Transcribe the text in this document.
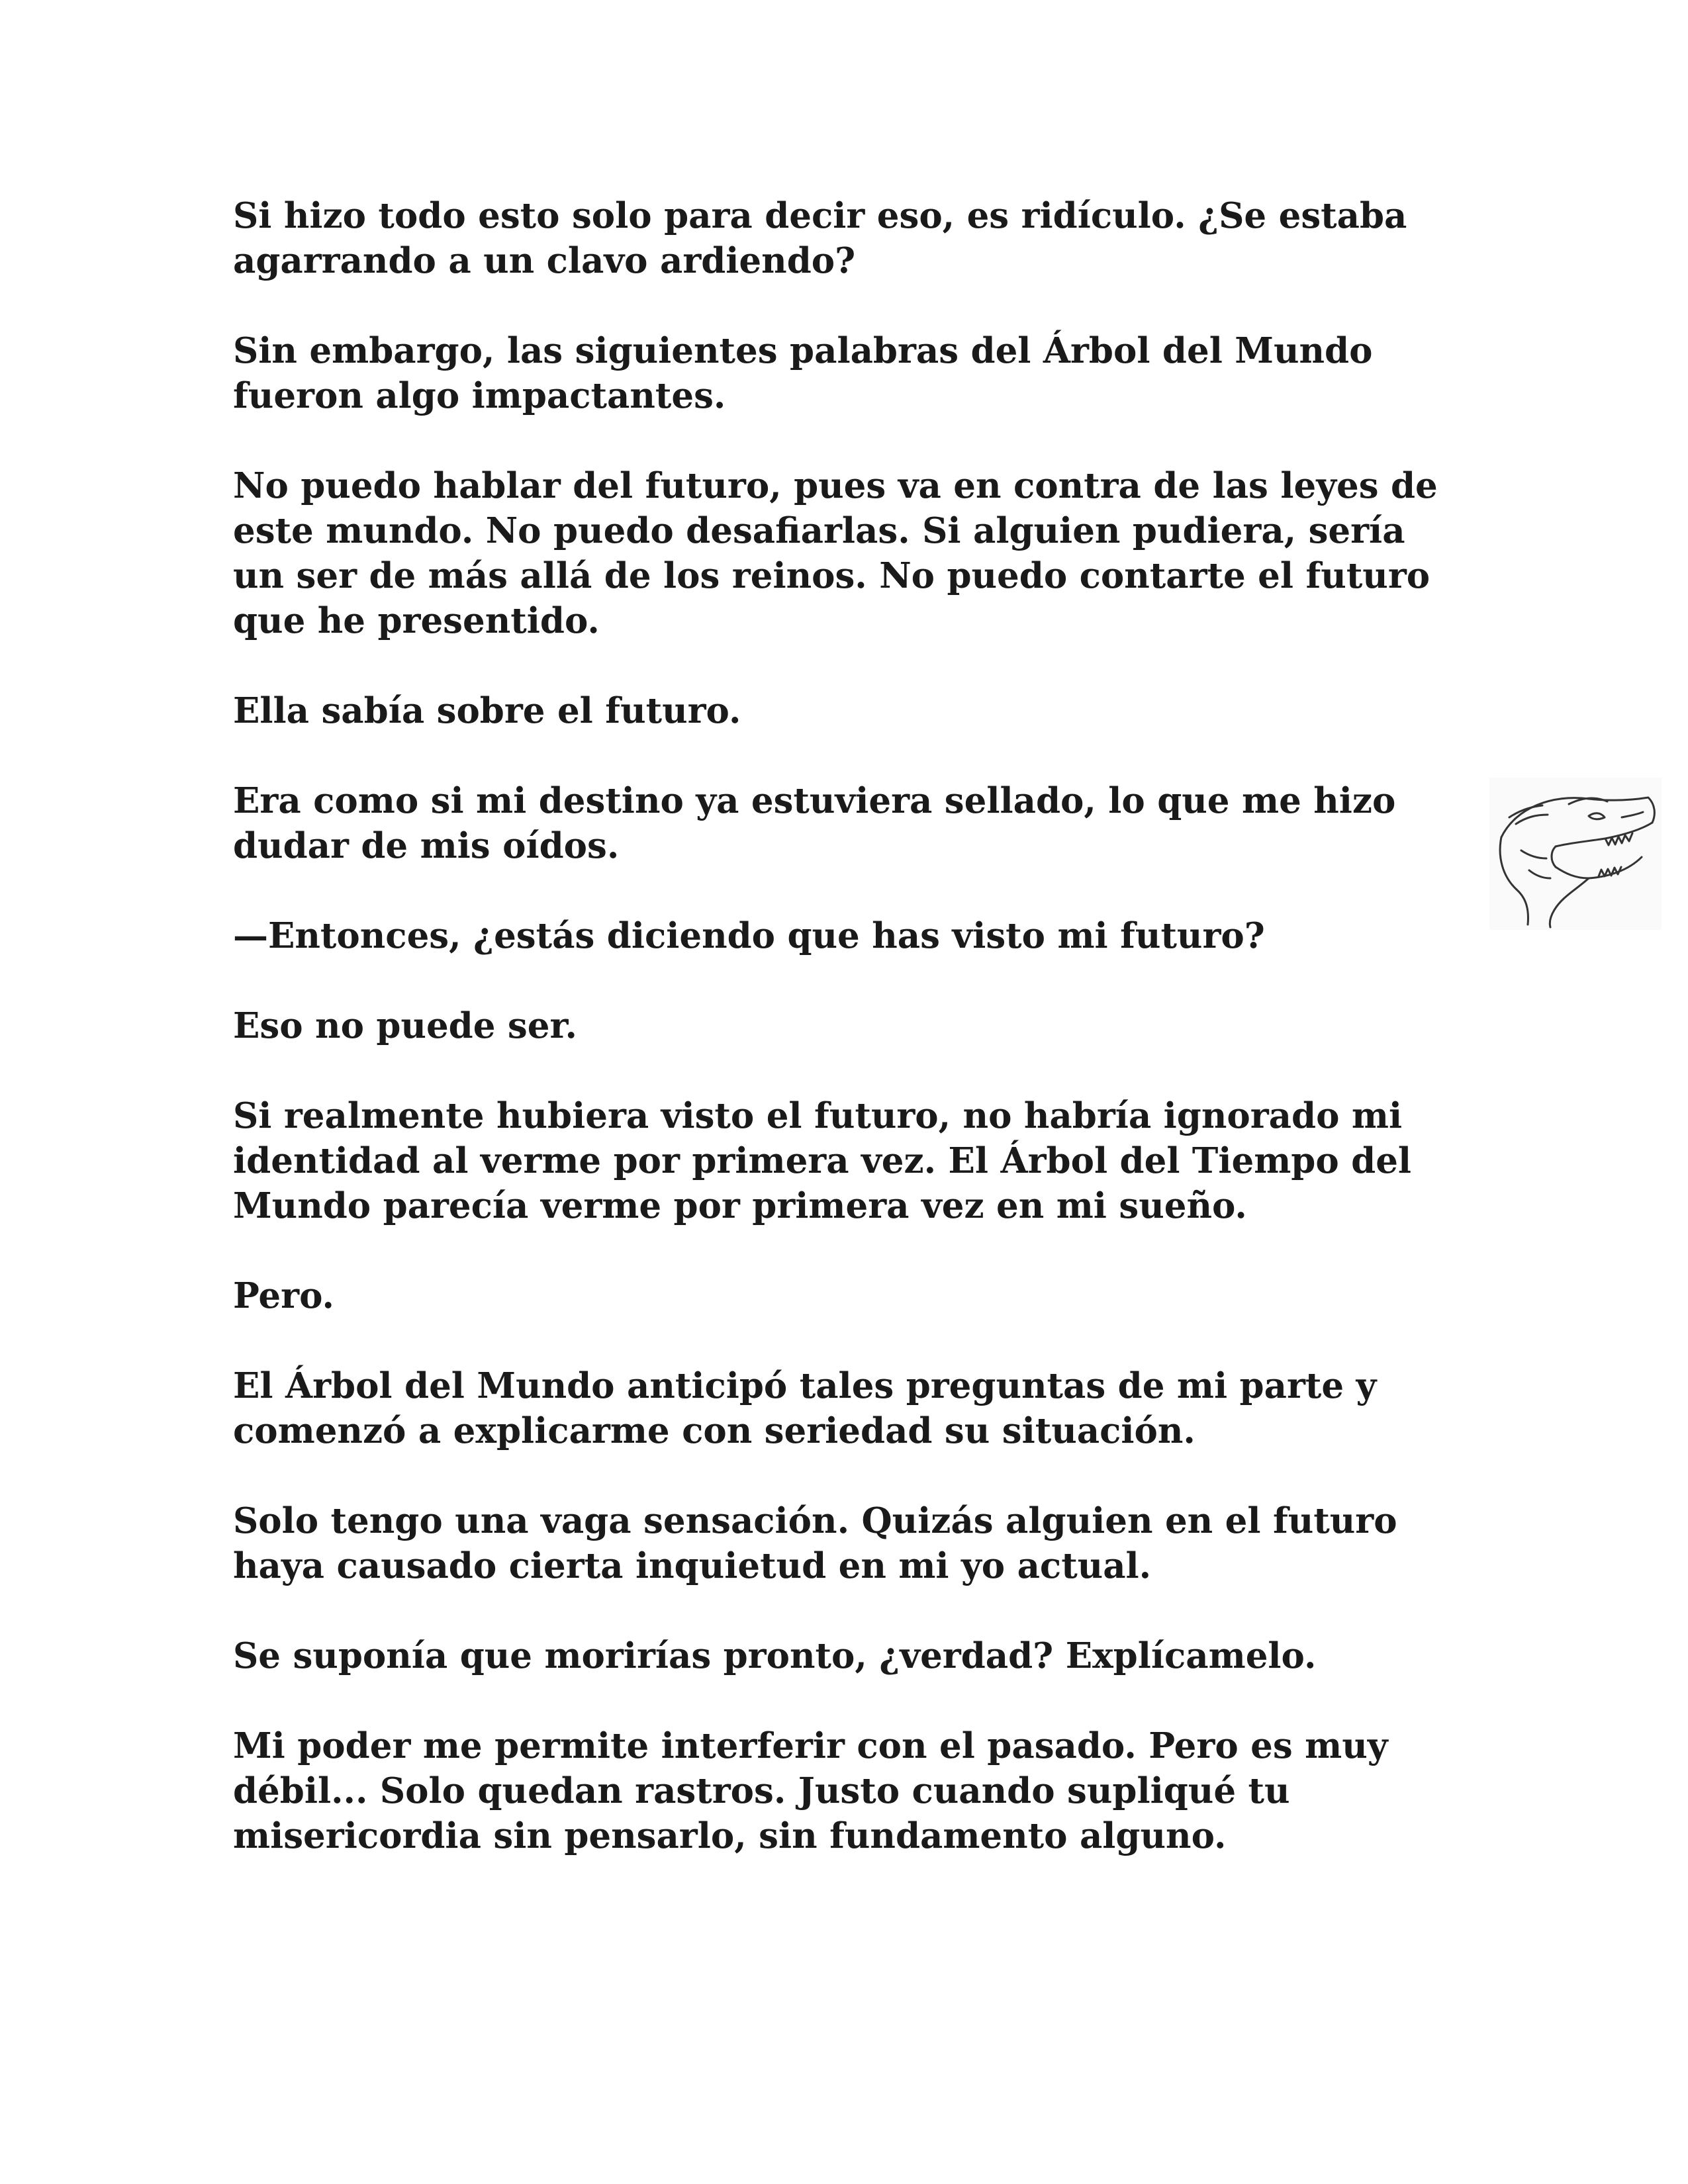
Si hizo todo esto solo para decir eso, es ridículo. ¿Se estaba agarrando a un clavo ardiendo?

Sin embargo, las siguientes palabras del Árbol del Mundo fueron algo impactantes.

No puedo hablar del futuro, pues va en contra de las leyes de este mundo. No puedo desafiarlas. Si alguien pudiera, sería un ser de más allá de los reinos. No puedo contarte el futuro que he presentido.

Ella sabía sobre el futuro.

Era como si mi destino ya estuviera sellado, lo que me hizo dudar de mis oídos.

—Entonces, ¿estás diciendo que has visto mi futuro?

Eso no puede ser.

Si realmente hubiera visto el futuro, no habría ignorado mi identidad al verme por primera vez. El Árbol del Tiempo del Mundo parecía verme por primera vez en mi sueño.

Pero.

El Árbol del Mundo anticipó tales preguntas de mi parte y comenzó a explicarme con seriedad su situación.

Solo tengo una vaga sensación. Quizás alguien en el futuro haya causado cierta inquietud en mi yo actual.

Se suponía que morirías pronto, ¿verdad? Explícamelo.

Mi poder me permite interferir con el pasado. Pero es muy débil... Solo quedan rastros. Justo cuando supliqué tu misericordia sin pensarlo, sin fundamento alguno.
